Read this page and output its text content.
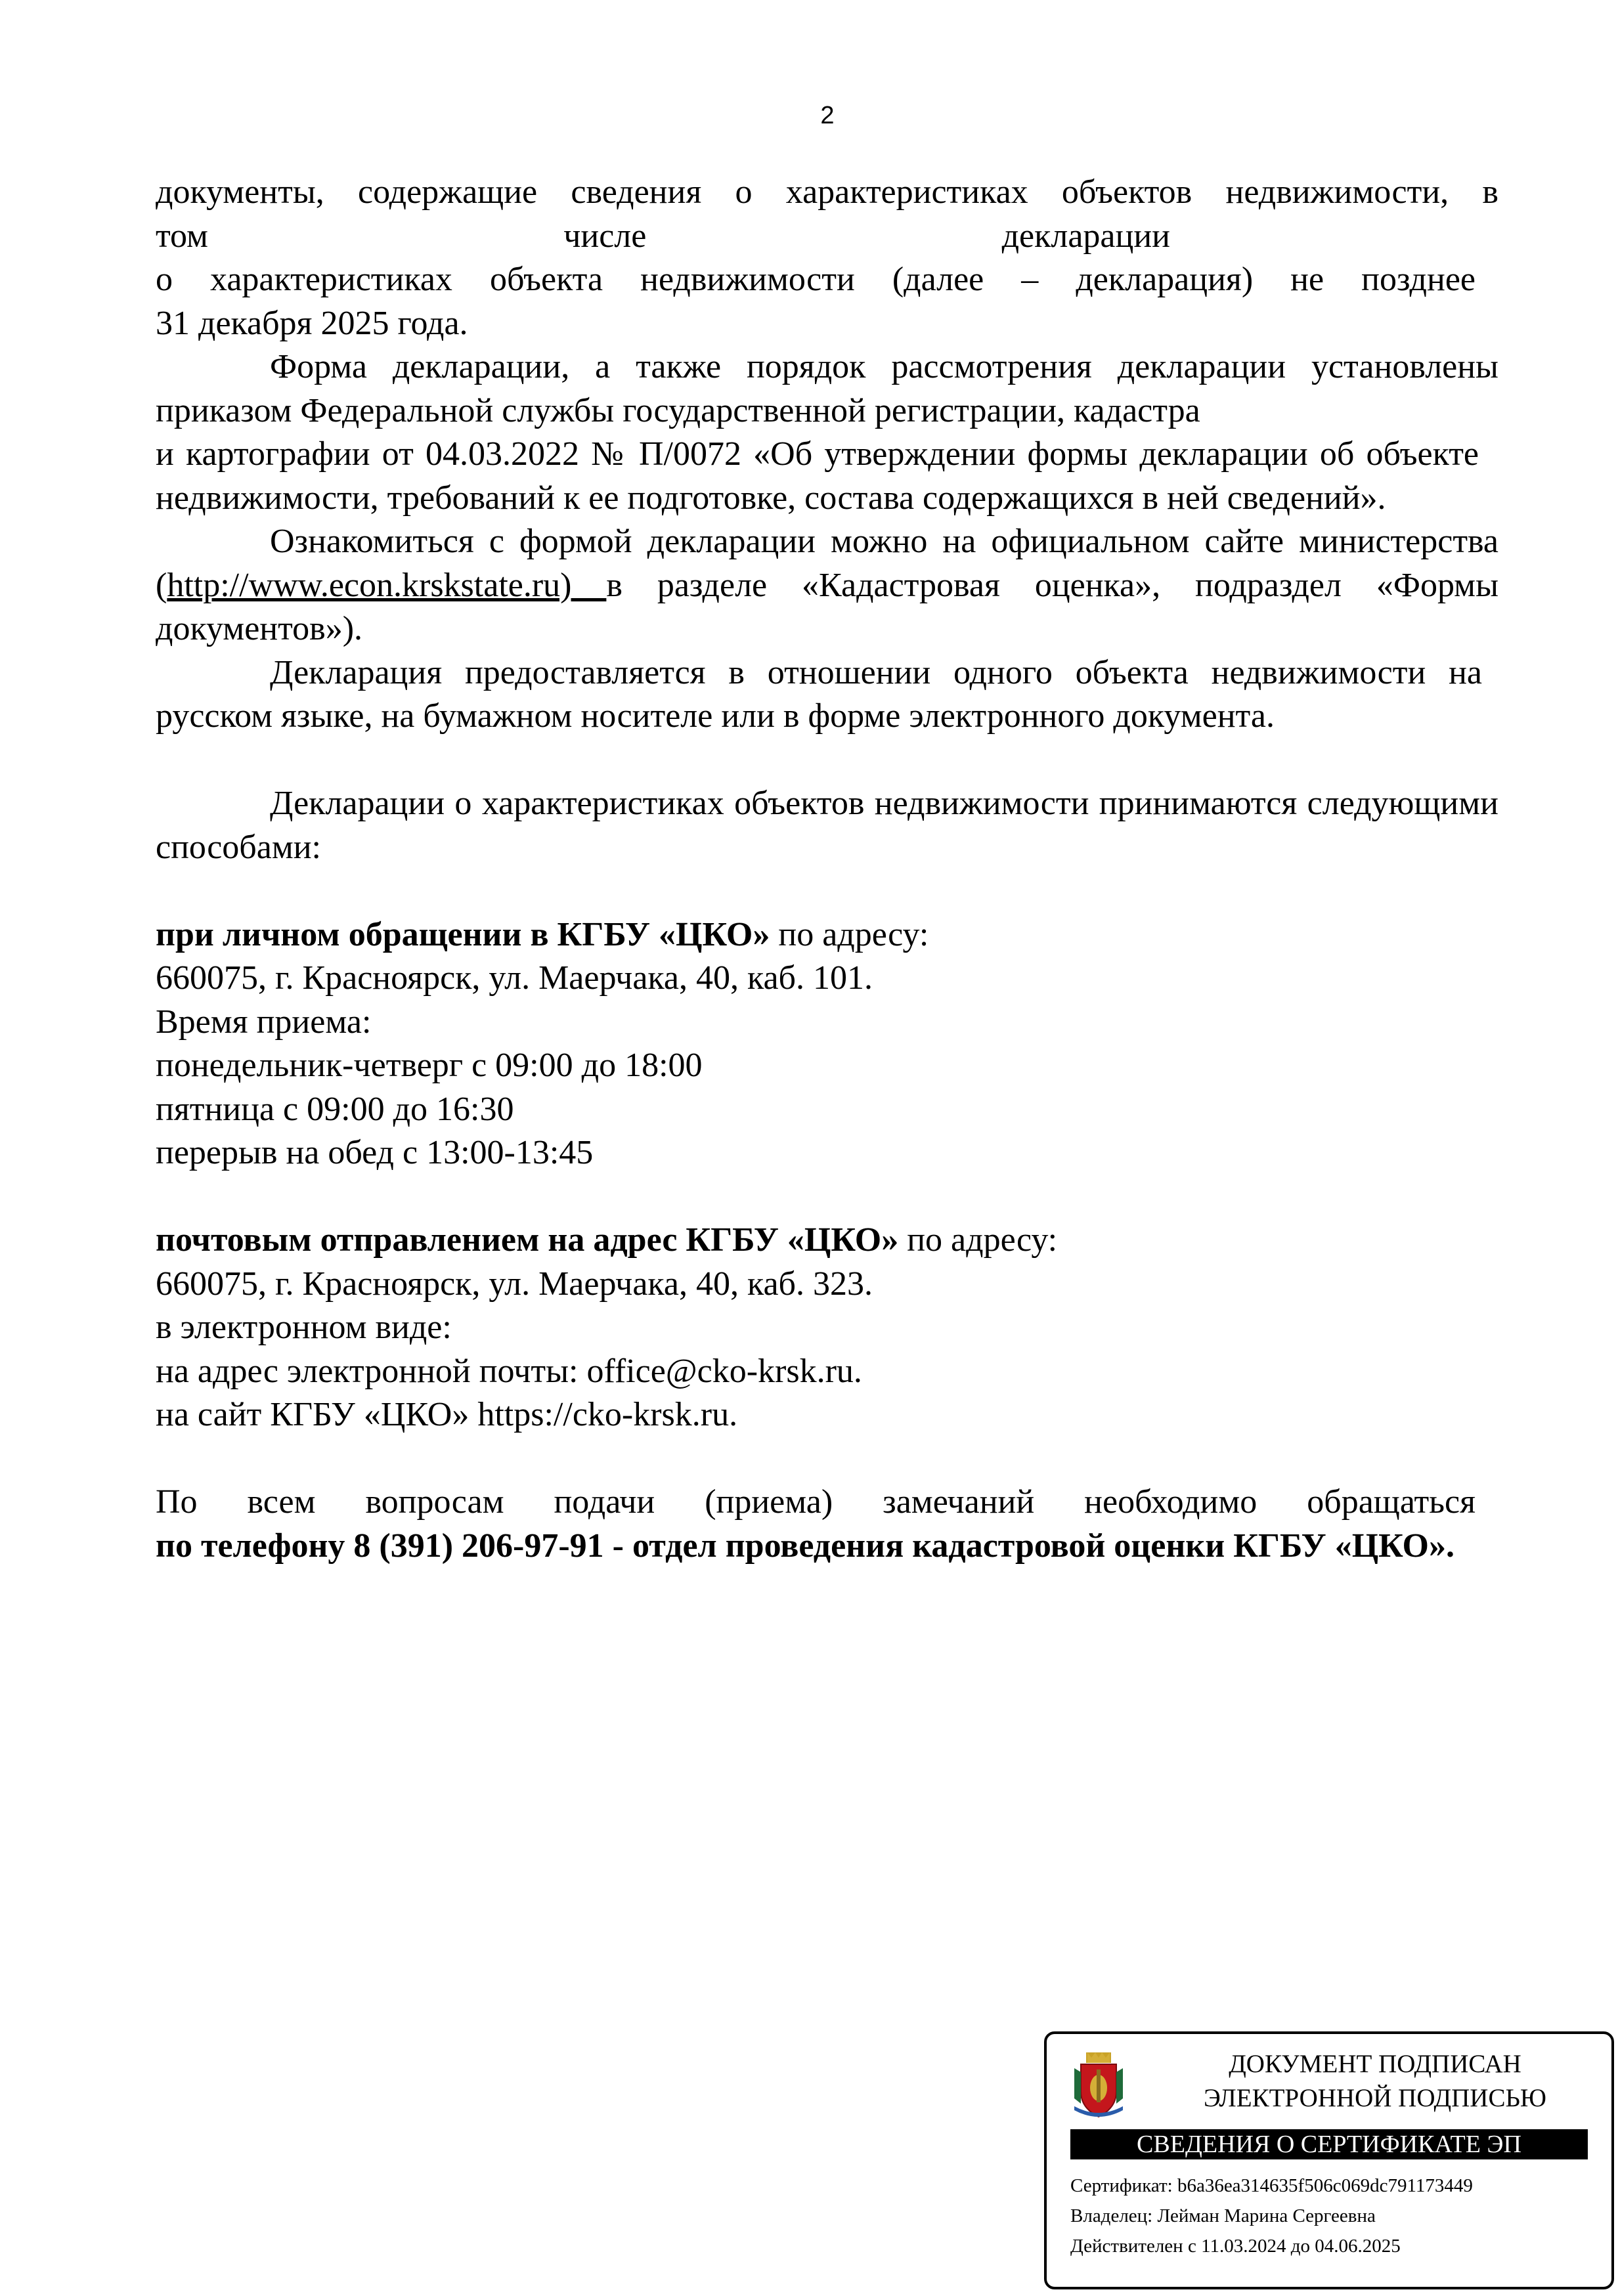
2

документы, содержащие сведения о характеристиках объектов недвижимости, в

том	числе	декларации

о характеристиках объекта недвижимости (далее – декларация) не позднее

31 декабря 2025 года.

Форма декларации, а также порядок рассмотрения декларации установлены приказом Федеральной службы государственной регистрации, кадастра

и картографии от 04.03.2022 № П/0072 «Об утверждении формы декларации об объекте недвижимости, требований к ее подготовке, состава содержащихся в ней сведений».

Ознакомиться с формой декларации можно на официальном сайте министерства (http://www.econ.krskstate.ru) в разделе «Кадастровая оценка», подраздел «Формы документов»).

Декларация предоставляется в отношении одного объекта недвижимости на русском языке, на бумажном носителе или в форме электронного документа.

Декларации о характеристиках объектов недвижимости принимаются следующими способами:

при личном обращении в КГБУ «ЦКО» по адресу:

660075, г. Красноярск, ул. Маерчака, 40, каб. 101.

Время приема:

понедельник-четверг с 09:00 до 18:00

пятница с 09:00 до 16:30

перерыв на обед с 13:00-13:45

почтовым отправлением на адрес КГБУ «ЦКО» по адресу:

660075, г. Красноярск, ул. Маерчака, 40, каб. 323.

в электронном виде:

на адрес электронной почты: office@cko-krsk.ru.

на сайт КГБУ «ЦКО» https://cko-krsk.ru.

По всем вопросам подачи (приема) замечаний необходимо обращаться

по телефону 8 (391) 206-97-91 - отдел проведения кадастровой оценки КГБУ «ЦКО».

ДОКУМЕНТ ПОДПИСАН
ЭЛЕКТРОННОЙ ПОДПИСЬЮ
СВЕДЕНИЯ О СЕРТИФИКАТЕ ЭП
Сертификат: b6a36ea314635f506c069dc791173449
Владелец: Лейман Марина Сергеевна
Действителен с 11.03.2024 до 04.06.2025
